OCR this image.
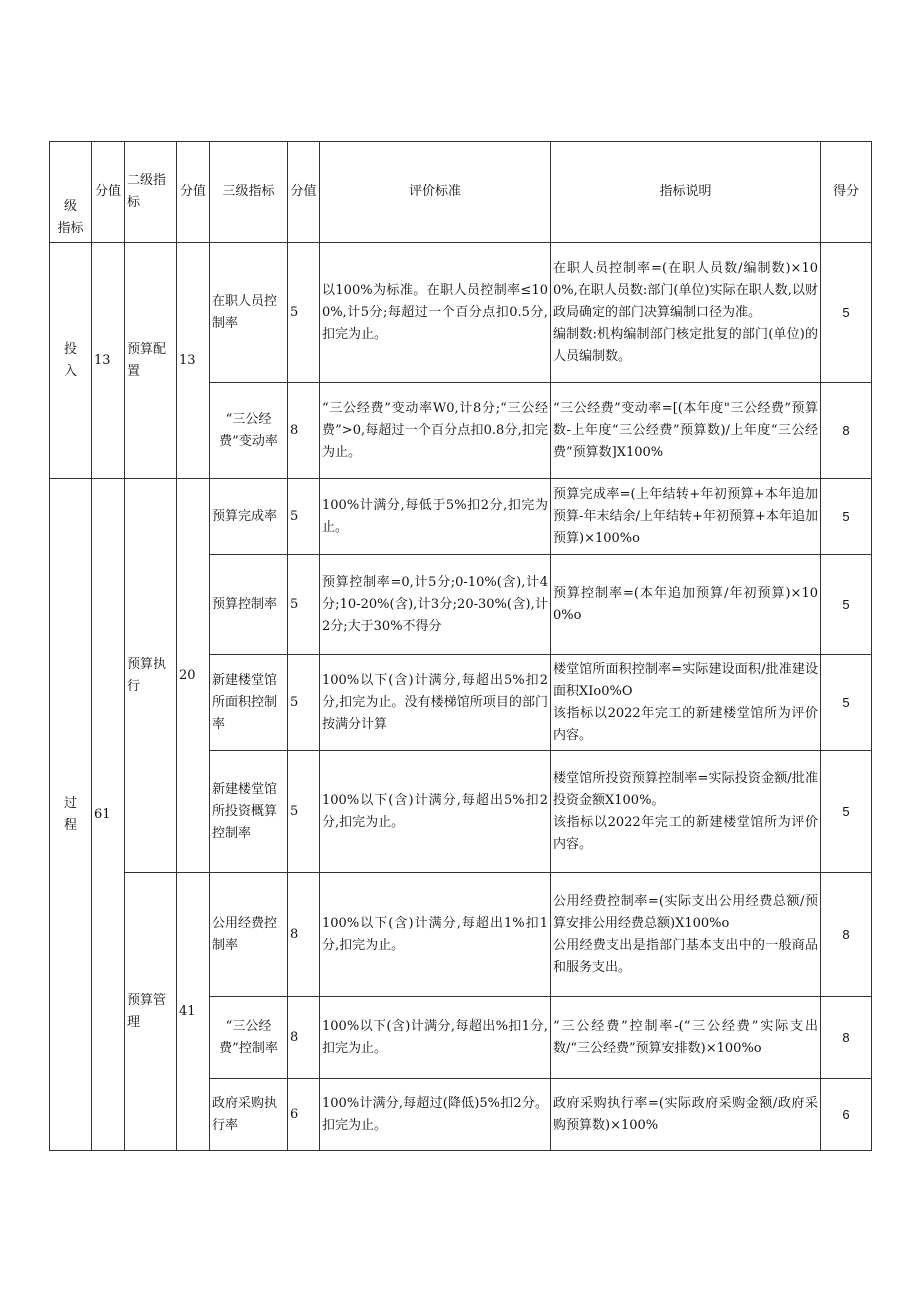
级
指标	分值	二级指标	分值	三级指标	分值	评价标准	指标说明	得分
投
入	13	预算配置	13	在职人员控制率	5	以100%为标准。在职人员控制率≤100%,计5分;每超过一个百分点扣0.5分,扣完为止。	在职人员控制率=(在职人员数/编制数)×100%,在职人员数:部门(单位)实际在职人数,以财政局确定的部门决算编制口径为准。
编制数:机构编制部门核定批复的部门(单位)的人员编制数。	5
				“三公经费”变动率	8	“三公经费”变动率W0,计8分;“三公经费”>0,每超过一个百分点扣0.8分,扣完为止。	“三公经费”变动率=[(本年度"三公经费”预算数-上年度“三公经费”预算数)/上年度“三公经费”预算数]X100%	8
过
程	61	预算执行	20	预算完成率	5	100%计满分,每低于5%扣2分,扣完为止。	预算完成率=(上年结转+年初预算+本年追加预算-年末结余/上年结转+年初预算+本年追加预算)×100%o	5
				预算控制率	5	预算控制率=0,计5分;0-10%(含),计4分;10-20%(含),计3分;20-30%(含),计2分;大于30%不得分	预算控制率=(本年追加预算/年初预算)×100%o	5
				新建楼堂馆所面积控制率	5	100%以下(含)计满分,每超出5%扣2分,扣完为止。没有楼梯馆所项目的部门按满分计算	楼堂馆所面积控制率=实际建设面积/批准建设面积XIo0%O
该指标以2022年完工的新建楼堂馆所为评价内容。	5
				新建楼堂馆所投资概算控制率	5	100%以下(含)计满分,每超出5%扣2分,扣完为止。	楼堂馆所投资预算控制率=实际投资金额/批准投资金额X100%。
该指标以2022年完工的新建楼堂馆所为评价内容。	5
		预算管理	41	公用经费控制率	8	100%以下(含)计满分,每超出1%扣1分,扣完为止。	公用经费控制率=(实际支出公用经费总额/预算安排公用经费总额)X100%o
公用经费支出是指部门基本支出中的一般商品和服务支出。	8
				“三公经费”控制率	8	100%以下(含)计满分,每超出%扣1分,扣完为止。	“三公经费”控制率-(“三公经费”实际支出数/“三公经费”预算安排数)×100%o	8
				政府采购执行率	6	100%计满分,每超过(降低)5%扣2分。扣完为止。	政府采购执行率=(实际政府采购金额/政府采购预算数)×100%	6
